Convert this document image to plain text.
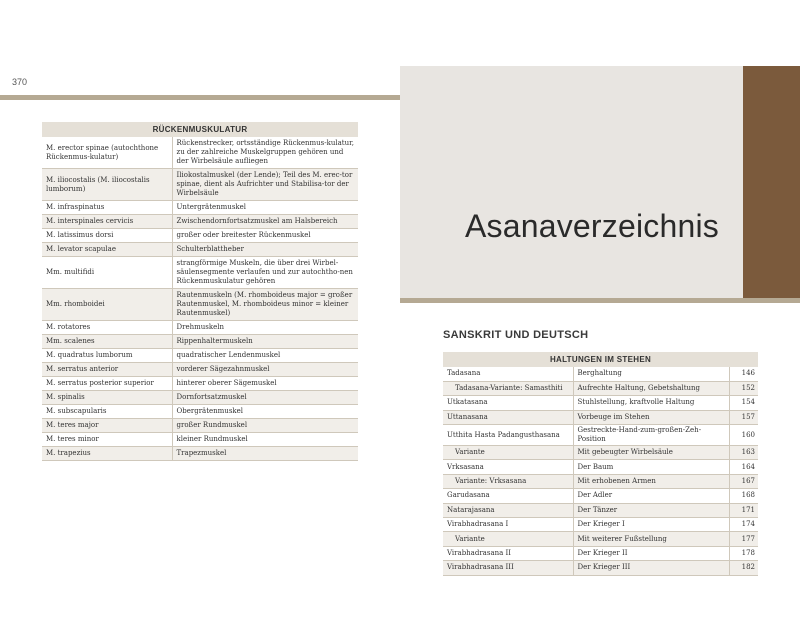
370
Asanaverzeichnis
SANSKRIT UND DEUTSCH
RÜCKENMUSKULATUR	
M. erector spinae (autochthone Rückenmus-kulatur)	Rückenstrecker, ortsständige Rückenmus-kulatur, zu der zahlreiche Muskelgruppen gehören und der Wirbelsäule aufliegen
M. iliocostalis (M. iliocostalis lumborum)	Iliokostalmuskel (der Lende); Teil des M. erec-tor spinae, dient als Aufrichter und Stabilisa-tor der Wirbelsäule
M. infraspinatus	Untergrätenmuskel
M. interspinales cervicis	Zwischendornfortsatzmuskel am Halsbereich
M. latissimus dorsi	großer oder breitester Rückenmuskel
M. levator scapulae	Schulterblattheber
Mm. multifidi	strangförmige Muskeln, die über drei Wirbel-säulensegmente verlaufen und zur autochtho-nen Rückenmuskulatur gehören
Mm. rhomboidei	Rautenmuskeln (M. rhomboideus major = großer Rautenmuskel, M. rhomboideus minor = kleiner Rautenmuskel)
M. rotatores	Drehmuskeln
Mm. scalenes	Rippenhaltermuskeln
M. quadratus lumborum	quadratischer Lendenmuskel
M. serratus anterior	vorderer Sägezahnmuskel
M. serratus posterior superior	hinterer oberer Sägemuskel
M. spinalis	Dornfortsatzmuskel
M. subscapularis	Obergrätenmuskel
M. teres major	großer Rundmuskel
M. teres minor	kleiner Rundmuskel
M. trapezius	Trapezmuskel
HALTUNGEN IM STEHEN		
Tadasana	Berghaltung	146
Tadasana-Variante: Samasthiti	Aufrechte Haltung, Gebetshaltung	152
Utkatasana	Stuhlstellung, kraftvolle Haltung	154
Uttanasana	Vorbeuge im Stehen	157
Utthita Hasta Padangusthasana	Gestreckte-Hand-zum-großen-Zeh-Position	160
Variante	Mit gebeugter Wirbelsäule	163
Vrksasana	Der Baum	164
Variante: Vrksasana	Mit erhobenen Armen	167
Garudasana	Der Adler	168
Natarajasana	Der Tänzer	171
Virabhadrasana I	Der Krieger I	174
Variante	Mit weiterer Fußstellung	177
Virabhadrasana II	Der Krieger II	178
Virabhadrasana III	Der Krieger III	182
